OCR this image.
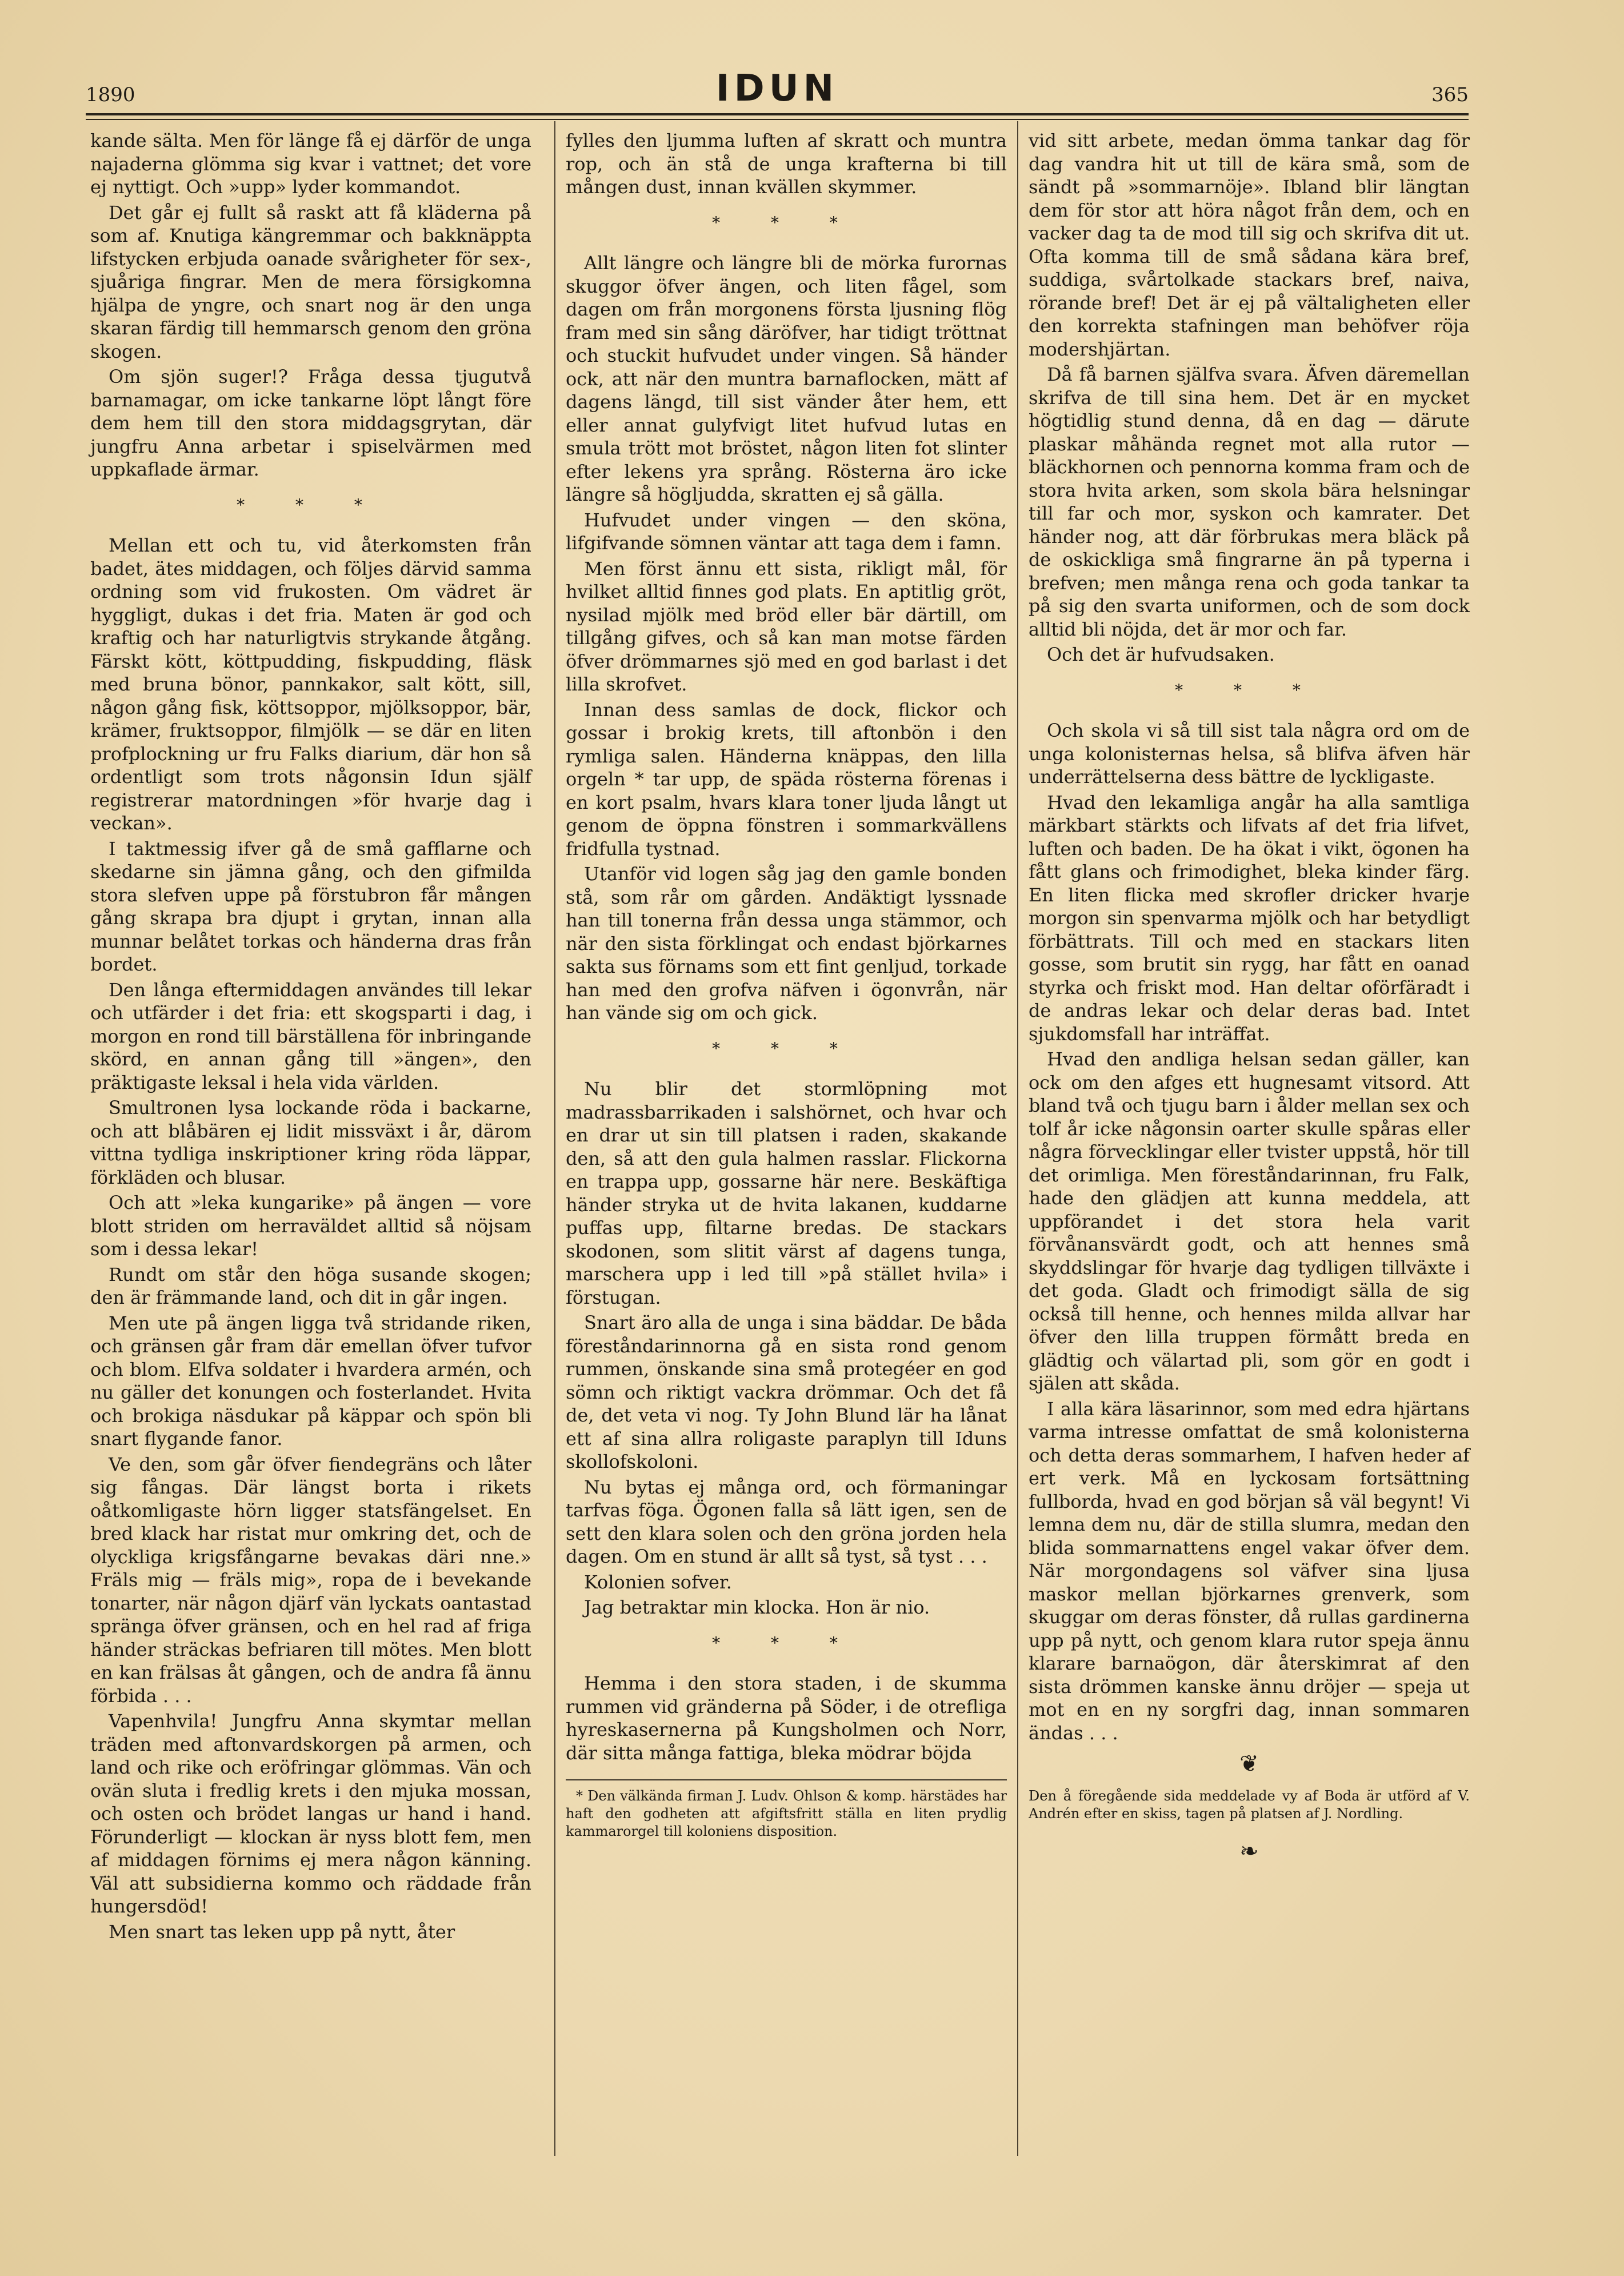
1890	IDUN	365

kande sälta. Men för länge få ej därför de unga najaderna glömma sig kvar i vattnet; det vore ej nyttigt. Och »upp» lyder kommandot.

Det går ej fullt så raskt att få kläderna på som af. Knutiga kängremmar och bakknäppta lifstycken erbjuda oanade svårigheter för sex-, sjuåriga fingrar. Men de mera försigkomna hjälpa de yngre, och snart nog är den unga skaran färdig till hemmarsch genom den gröna skogen.

Om sjön suger!? Fråga dessa tjugutvå barnamagar, om icke tankarne löpt långt före dem hem till den stora middagsgrytan, där jungfru Anna arbetar i spiselvärmen med uppkaflade ärmar.

* * *

Mellan ett och tu, vid återkomsten från badet, ätes middagen, och följes därvid samma ordning som vid frukosten. Om vädret är hyggligt, dukas i det fria. Maten är god och kraftig och har naturligtvis strykande åtgång. Färskt kött, köttpudding, fiskpudding, fläsk med bruna bönor, pannkakor, salt kött, sill, någon gång fisk, köttsoppor, mjölksoppor, bär, krämer, fruktsoppor, filmjölk — se där en liten profplockning ur fru Falks diarium, där hon så ordentligt som trots någonsin Idun själf registrerar matordningen »för hvarje dag i veckan».

I taktmessig ifver gå de små gafflarne och skedarne sin jämna gång, och den gifmilda stora slefven uppe på förstubron får mången gång skrapa bra djupt i grytan, innan alla munnar belåtet torkas och händerna dras från bordet.

Den långa eftermiddagen användes till lekar och utfärder i det fria: ett skogsparti i dag, i morgon en rond till bärställena för inbringande skörd, en annan gång till »ängen», den präktigaste leksal i hela vida världen.

Smultronen lysa lockande röda i backarne, och att blåbären ej lidit missväxt i år, därom vittna tydliga inskriptioner kring röda läppar, förkläden och blusar.

Och att »leka kungarike» på ängen — vore blott striden om herraväldet alltid så nöjsam som i dessa lekar!

Rundt om står den höga susande skogen; den är främmande land, och dit in går ingen.

Men ute på ängen ligga två stridande riken, och gränsen går fram där emellan öfver tufvor och blom. Elfva soldater i hvardera armén, och nu gäller det konungen och fosterlandet. Hvita och brokiga näsdukar på käppar och spön bli snart flygande fanor.

Ve den, som går öfver fiendegräns och låter sig fångas. Där längst borta i rikets oåtkomligaste hörn ligger statsfängelset. En bred klack har ristat mur omkring det, och de olyckliga krigsfångarne bevakas däri nne.» Fräls mig — fräls mig», ropa de i bevekande tonarter, när någon djärf vän lyckats oantastad spränga öfver gränsen, och en hel rad af friga händer sträckas befriaren till mötes. Men blott en kan frälsas åt gången, och de andra få ännu förbida . . .

Vapenhvila! Jungfru Anna skymtar mellan träden med aftonvardskorgen på armen, och land och rike och eröfringar glömmas. Vän och ovän sluta i fredlig krets i den mjuka mossan, och osten och brödet langas ur hand i hand. Förunderligt — klockan är nyss blott fem, men af middagen förnims ej mera någon känning. Väl att subsidierna kommo och räddade från hungersdöd!

Men snart tas leken upp på nytt, åter

fylles den ljumma luften af skratt och muntra rop, och än stå de unga krafterna bi till mången dust, innan kvällen skymmer.

* * *

Allt längre och längre bli de mörka furornas skuggor öfver ängen, och liten fågel, som dagen om från morgonens första ljusning flög fram med sin sång däröfver, har tidigt tröttnat och stuckit hufvudet under vingen. Så händer ock, att när den muntra barnaflocken, mätt af dagens längd, till sist vänder åter hem, ett eller annat gulyfvigt litet hufvud lutas en smula trött mot bröstet, någon liten fot slinter efter lekens yra språng. Rösterna äro icke längre så högljudda, skratten ej så gälla.

Hufvudet under vingen — den sköna, lifgifvande sömnen väntar att taga dem i famn.

Men först ännu ett sista, rikligt mål, för hvilket alltid finnes god plats. En aptitlig gröt, nysilad mjölk med bröd eller bär därtill, om tillgång gifves, och så kan man motse färden öfver drömmarnes sjö med en god barlast i det lilla skrofvet.

Innan dess samlas de dock, flickor och gossar i brokig krets, till aftonbön i den rymliga salen. Händerna knäppas, den lilla orgeln * tar upp, de späda rösterna förenas i en kort psalm, hvars klara toner ljuda långt ut genom de öppna fönstren i sommarkvällens fridfulla tystnad.

Utanför vid logen såg jag den gamle bonden stå, som rår om gården. Andäktigt lyssnade han till tonerna från dessa unga stämmor, och när den sista förklingat och endast björkarnes sakta sus förnams som ett fint genljud, torkade han med den grofva näfven i ögonvrån, när han vände sig om och gick.

* * *

Nu blir det stormlöpning mot madrassbarrikaden i salshörnet, och hvar och en drar ut sin till platsen i raden, skakande den, så att den gula halmen rasslar. Flickorna en trappa upp, gossarne här nere. Beskäftiga händer stryka ut de hvita lakanen, kuddarne puffas upp, filtarne bredas. De stackars skodonen, som slitit värst af dagens tunga, marschera upp i led till »på stället hvila» i förstugan.

Snart äro alla de unga i sina bäddar. De båda föreståndarinnorna gå en sista rond genom rummen, önskande sina små protegéer en god sömn och riktigt vackra drömmar. Och det få de, det veta vi nog. Ty John Blund lär ha lånat ett af sina allra roligaste paraplyn till Iduns skollofskoloni.

Nu bytas ej många ord, och förmaningar tarfvas föga. Ögonen falla så lätt igen, sen de sett den klara solen och den gröna jorden hela dagen. Om en stund är allt så tyst, så tyst . . .

Kolonien sofver.

Jag betraktar min klocka. Hon är nio.

* * *

Hemma i den stora staden, i de skumma rummen vid gränderna på Söder, i de otrefliga hyreskasernerna på Kungsholmen och Norr, där sitta många fattiga, bleka mödrar böjda

* Den välkända firman J. Ludv. Ohlson & komp. härstädes har haft den godheten att afgiftsfritt ställa en liten prydlig kammarorgel till koloniens disposition.

vid sitt arbete, medan ömma tankar dag för dag vandra hit ut till de kära små, som de sändt på »sommarnöje». Ibland blir längtan dem för stor att höra något från dem, och en vacker dag ta de mod till sig och skrifva dit ut. Ofta komma till de små sådana kära bref, suddiga, svårtolkade stackars bref, naiva, rörande bref! Det är ej på vältaligheten eller den korrekta stafningen man behöfver röja modershjärtan.

Då få barnen själfva svara. Äfven däremellan skrifva de till sina hem. Det är en mycket högtidlig stund denna, då en dag — därute plaskar måhända regnet mot alla rutor — bläckhornen och pennorna komma fram och de stora hvita arken, som skola bära helsningar till far och mor, syskon och kamrater. Det händer nog, att där förbrukas mera bläck på de oskickliga små fingrarne än på typerna i brefven; men många rena och goda tankar ta på sig den svarta uniformen, och de som dock alltid bli nöjda, det är mor och far.

Och det är hufvudsaken.

* * *

Och skola vi så till sist tala några ord om de unga kolonisternas helsa, så blifva äfven här underrättelserna dess bättre de lyckligaste.

Hvad den lekamliga angår ha alla samtliga märkbart stärkts och lifvats af det fria lifvet, luften och baden. De ha ökat i vikt, ögonen ha fått glans och frimodighet, bleka kinder färg. En liten flicka med skrofler dricker hvarje morgon sin spenvarma mjölk och har betydligt förbättrats. Till och med en stackars liten gosse, som brutit sin rygg, har fått en oanad styrka och friskt mod. Han deltar oförfäradt i de andras lekar och delar deras bad. Intet sjukdomsfall har inträffat.

Hvad den andliga helsan sedan gäller, kan ock om den afges ett hugnesamt vitsord. Att bland två och tjugu barn i ålder mellan sex och tolf år icke någonsin oarter skulle spåras eller några förvecklingar eller tvister uppstå, hör till det orimliga. Men föreståndarinnan, fru Falk, hade den glädjen att kunna meddela, att uppförandet i det stora hela varit förvånansvärdt godt, och att hennes små skyddslingar för hvarje dag tydligen tillväxte i det goda. Gladt och frimodigt sälla de sig också till henne, och hennes milda allvar har öfver den lilla truppen förmått breda en glädtig och välartad pli, som gör en godt i själen att skåda.

I alla kära läsarinnor, som med edra hjärtans varma intresse omfattat de små kolonisterna och detta deras sommarhem, I hafven heder af ert verk. Må en lyckosam fortsättning fullborda, hvad en god början så väl begynt! Vi lemna dem nu, där de stilla slumra, medan den blida sommarnattens engel vakar öfver dem. När morgondagens sol väfver sina ljusa maskor mellan björkarnes grenverk, som skuggar om deras fönster, då rullas gardinerna upp på nytt, och genom klara rutor speja ännu klarare barnaögon, där återskimrat af den sista drömmen kanske ännu dröjer — speja ut mot en en ny sorgfri dag, innan sommaren ändas . . .

❦
Den å föregående sida meddelade vy af Boda är utförd af V. Andrén efter en skiss, tagen på platsen af J. Nordling.
❧
